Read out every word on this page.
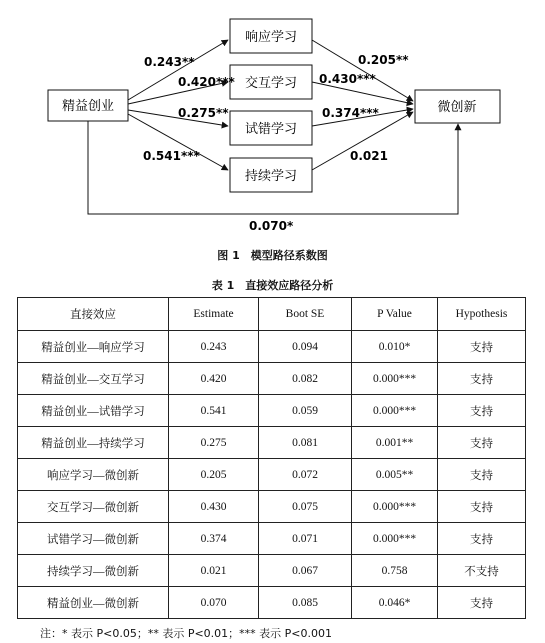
精益创业
响应学习
交互学习
试错学习
持续学习
微创新
0.243**
0.420***
0.275**
0.541***
0.205**
0.430***
0.374***
0.021
0.070*
图 1　模型路径系数图
表 1　直接效应路径分析
直接效应	Estimate	Boot SE	P Value	Hypothesis
精益创业—响应学习	0.243	0.094	0.010*	支持
精益创业—交互学习	0.420	0.082	0.000***	支持
精益创业—试错学习	0.541	0.059	0.000***	支持
精益创业—持续学习	0.275	0.081	0.001**	支持
响应学习—微创新	0.205	0.072	0.005**	支持
交互学习—微创新	0.430	0.075	0.000***	支持
试错学习—微创新	0.374	0.071	0.000***	支持
持续学习—微创新	0.021	0.067	0.758	不支持
精益创业—微创新	0.070	0.085	0.046*	支持
注：* 表示 P<0.05；** 表示 P<0.01；*** 表示 P<0.001
